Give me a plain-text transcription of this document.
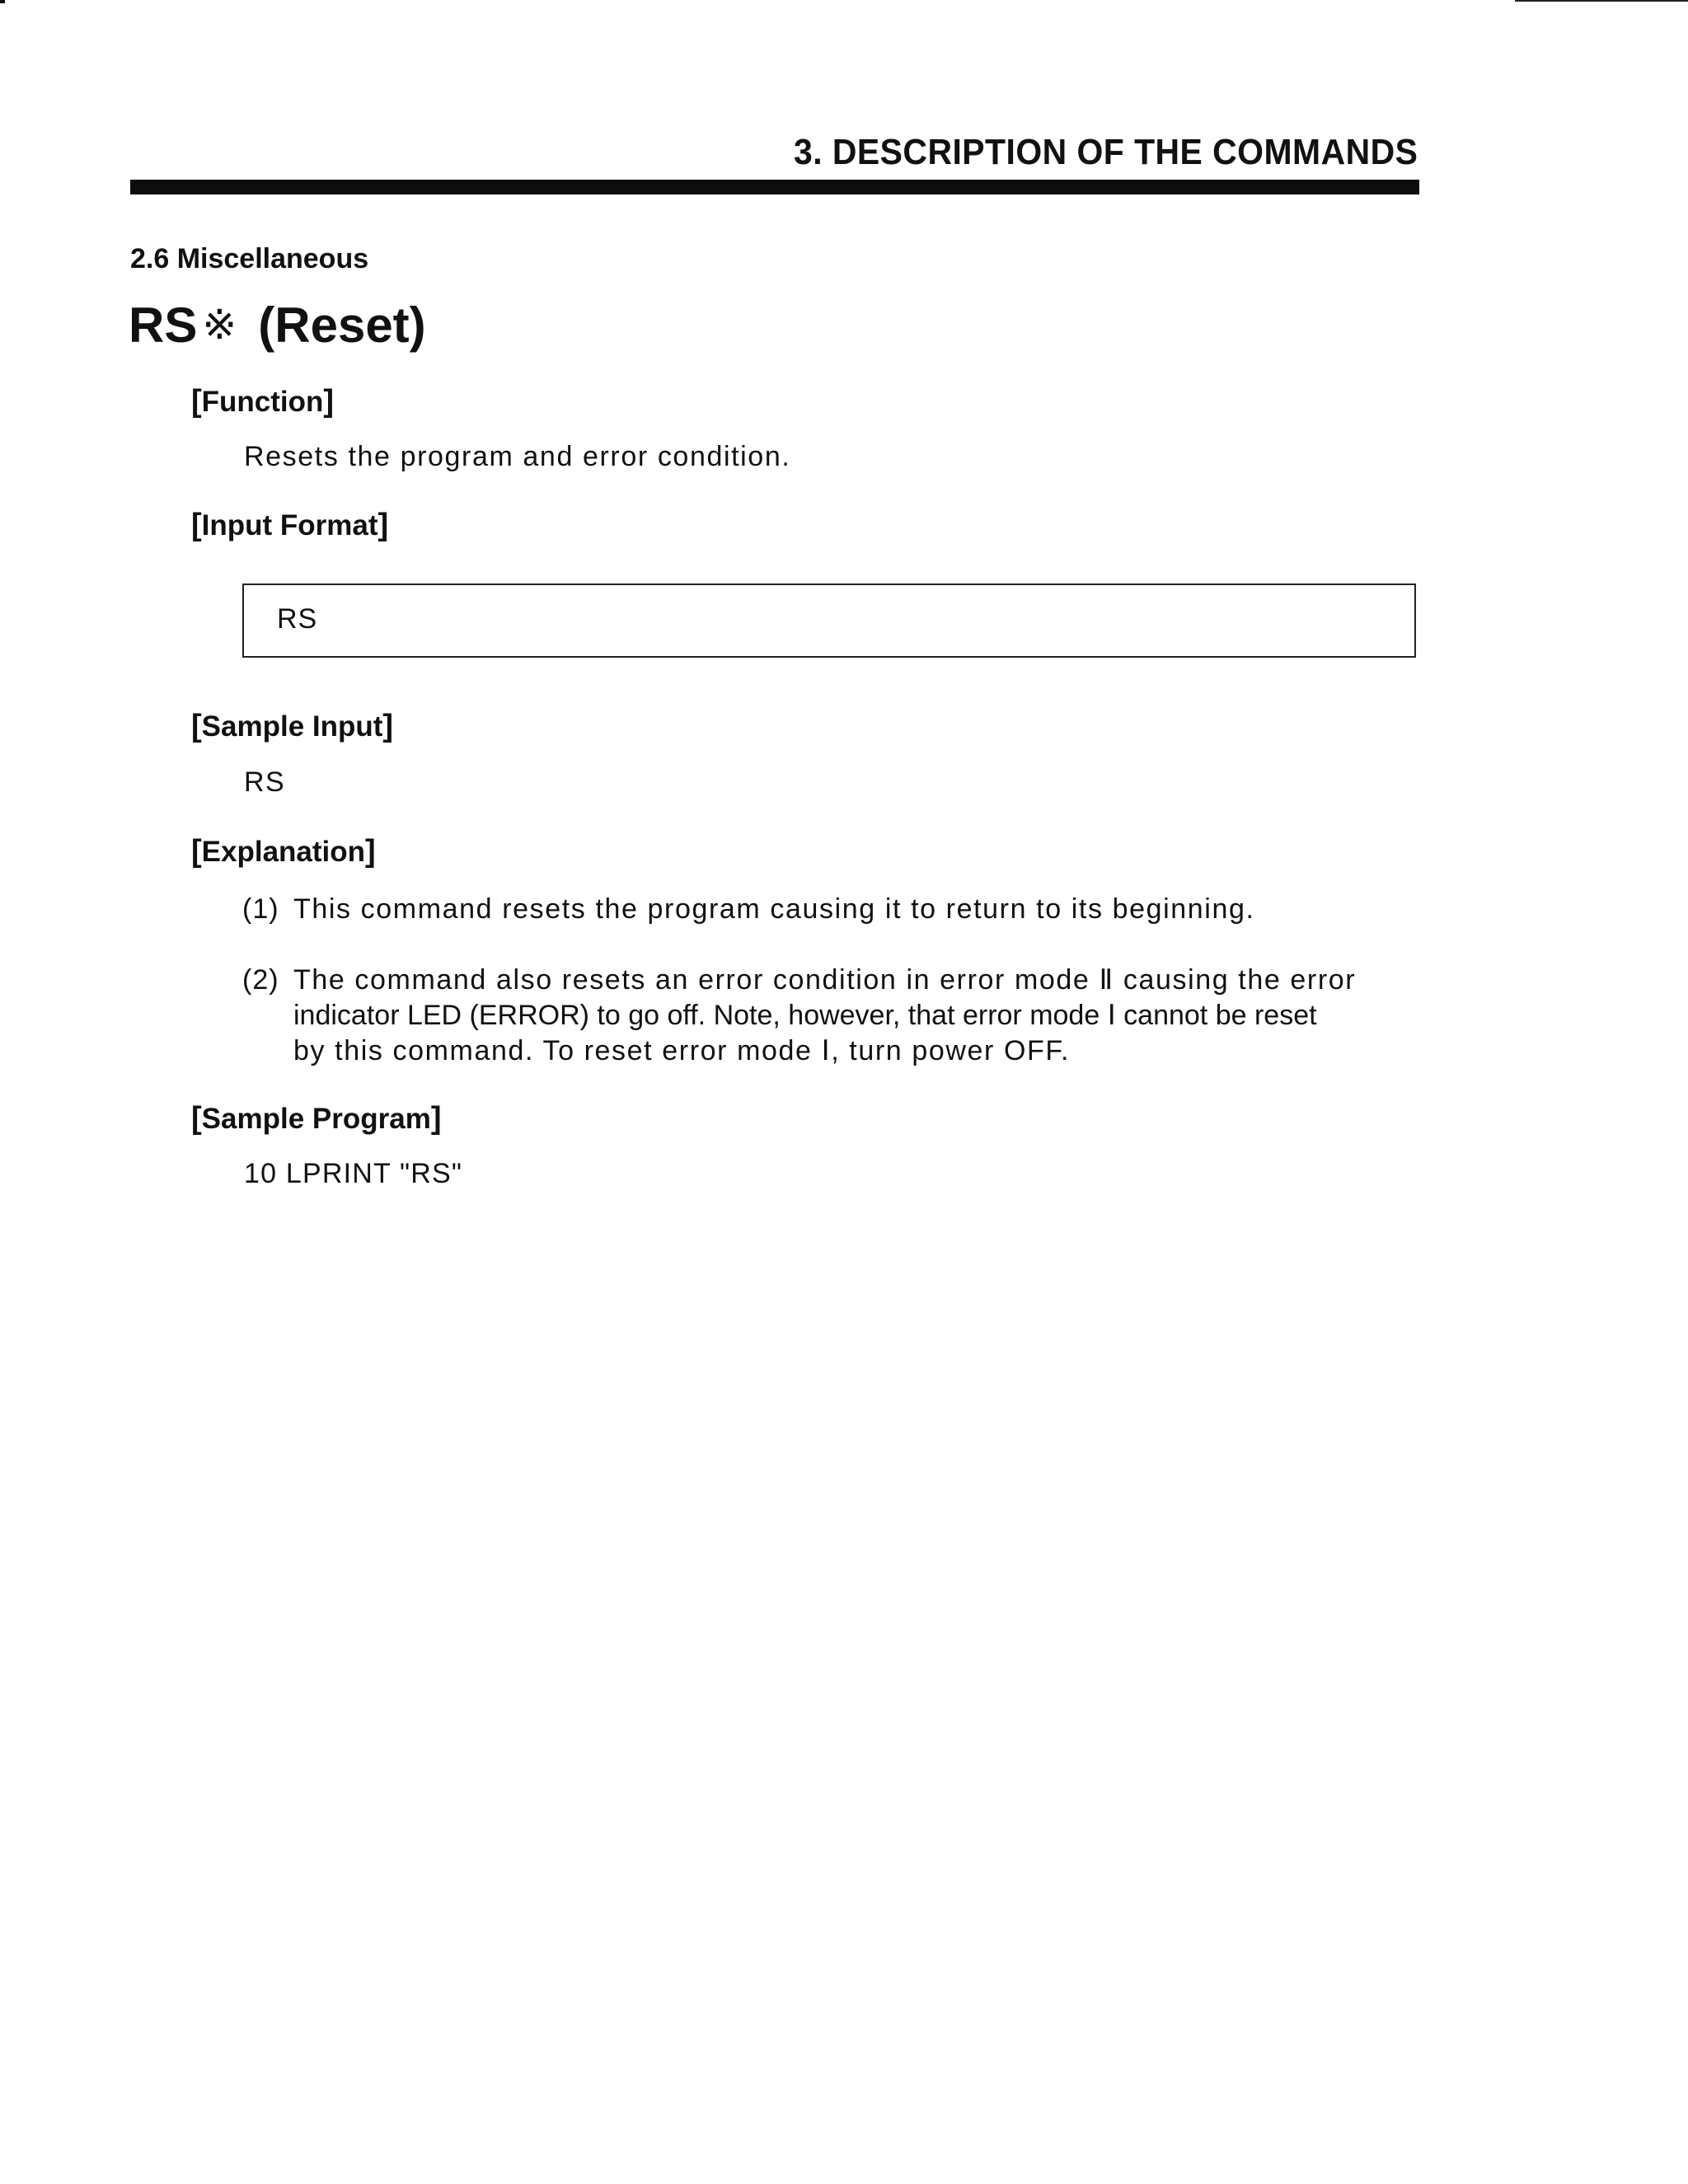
3. DESCRIPTION OF THE COMMANDS
2.6 Miscellaneous
RS ※ (Reset)
[Function]
Resets the program and error condition.
[Input Format]
RS
[Sample Input]
RS
[Explanation]
(1) This command resets the program causing it to return to its beginning.
(2) The command also resets an error condition in error mode Ⅱ causing the error
indicator LED (ERROR) to go off. Note, however, that error mode Ⅰ cannot be reset
by this command. To reset error mode Ⅰ, turn power OFF.
[Sample Program]
10 LPRINT "RS"
